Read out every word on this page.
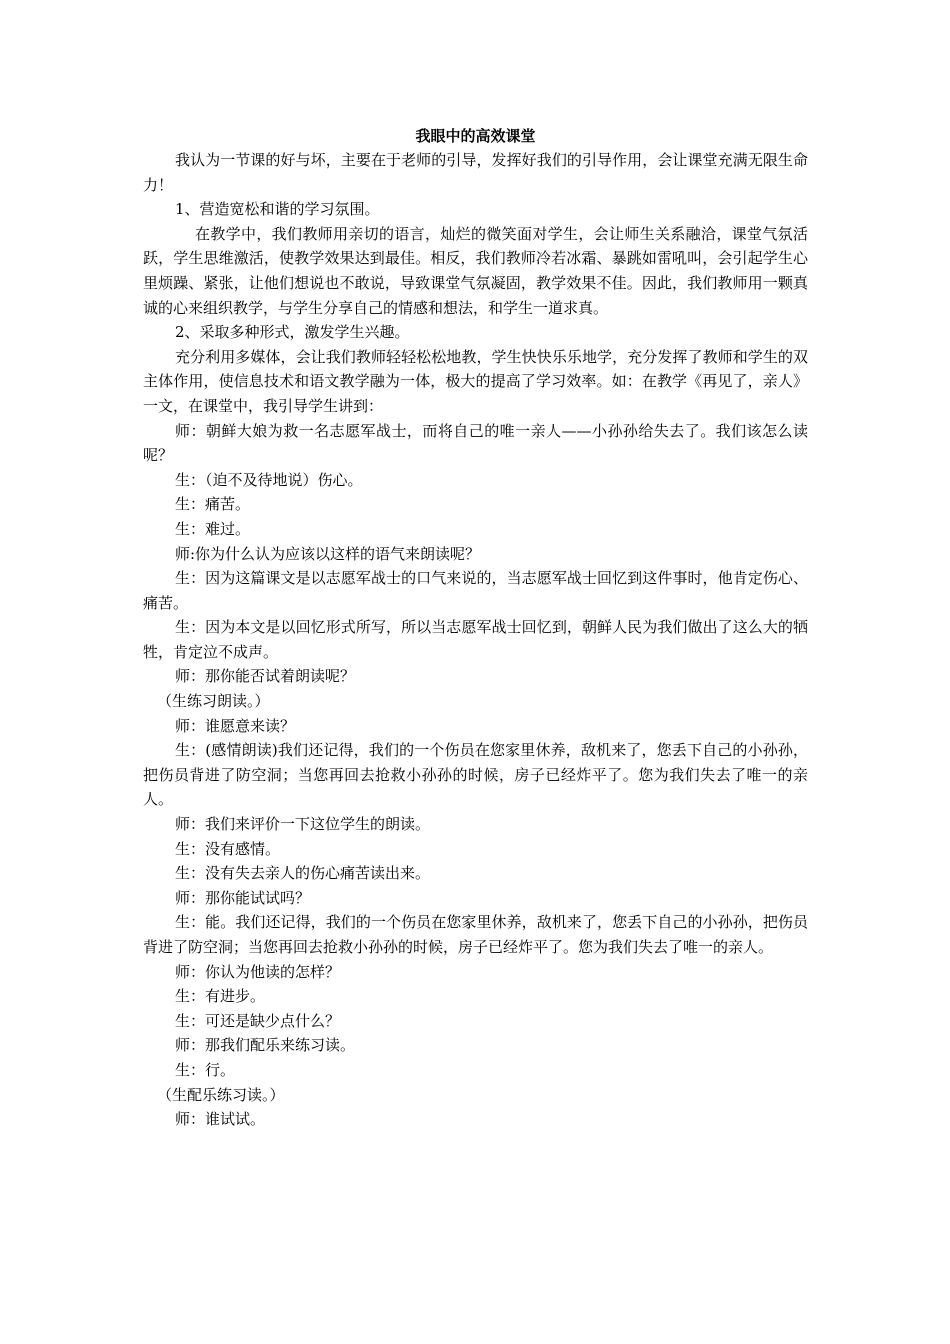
我眼中的高效课堂

我认为一节课的好与坏，主要在于老师的引导，发挥好我们的引导作用，会让课堂充满无限生命力！

1、营造宽松和谐的学习氛围。

在教学中，我们教师用亲切的语言，灿烂的微笑面对学生，会让师生关系融洽，课堂气氛活跃，学生思维激活，使教学效果达到最佳。相反，我们教师冷若冰霜、暴跳如雷吼叫，会引起学生心里烦躁、紧张，让他们想说也不敢说，导致课堂气氛凝固，教学效果不佳。因此，我们教师用一颗真诚的心来组织教学，与学生分享自己的情感和想法，和学生一道求真。

2、采取多种形式，激发学生兴趣。

充分利用多媒体，会让我们教师轻轻松松地教，学生快快乐乐地学，充分发挥了教师和学生的双主体作用，使信息技术和语文教学融为一体，极大的提高了学习效率。如：在教学《再见了，亲人》一文，在课堂中，我引导学生讲到：

师：朝鲜大娘为救一名志愿军战士，而将自己的唯一亲人——小孙孙给失去了。我们该怎么读呢？

生：（迫不及待地说）伤心。

生：痛苦。

生：难过。

师:你为什么认为应该以这样的语气来朗读呢？

生：因为这篇课文是以志愿军战士的口气来说的，当志愿军战士回忆到这件事时，他肯定伤心、痛苦。

生：因为本文是以回忆形式所写，所以当志愿军战士回忆到，朝鲜人民为我们做出了这么大的牺牲，肯定泣不成声。

师：那你能否试着朗读呢？

（生练习朗读。）

师：谁愿意来读？

生：(感情朗读)我们还记得，我们的一个伤员在您家里休养，敌机来了，您丢下自己的小孙孙，把伤员背进了防空洞；当您再回去抢救小孙孙的时候，房子已经炸平了。您为我们失去了唯一的亲人。

师：我们来评价一下这位学生的朗读。

生：没有感情。

生：没有失去亲人的伤心痛苦读出来。

师：那你能试试吗？

生：能。我们还记得，我们的一个伤员在您家里休养，敌机来了，您丢下自己的小孙孙，把伤员背进了防空洞；当您再回去抢救小孙孙的时候，房子已经炸平了。您为我们失去了唯一的亲人。

师：你认为他读的怎样？

生：有进步。

生：可还是缺少点什么？

师：那我们配乐来练习读。

生：行。

（生配乐练习读。）

师：谁试试。
